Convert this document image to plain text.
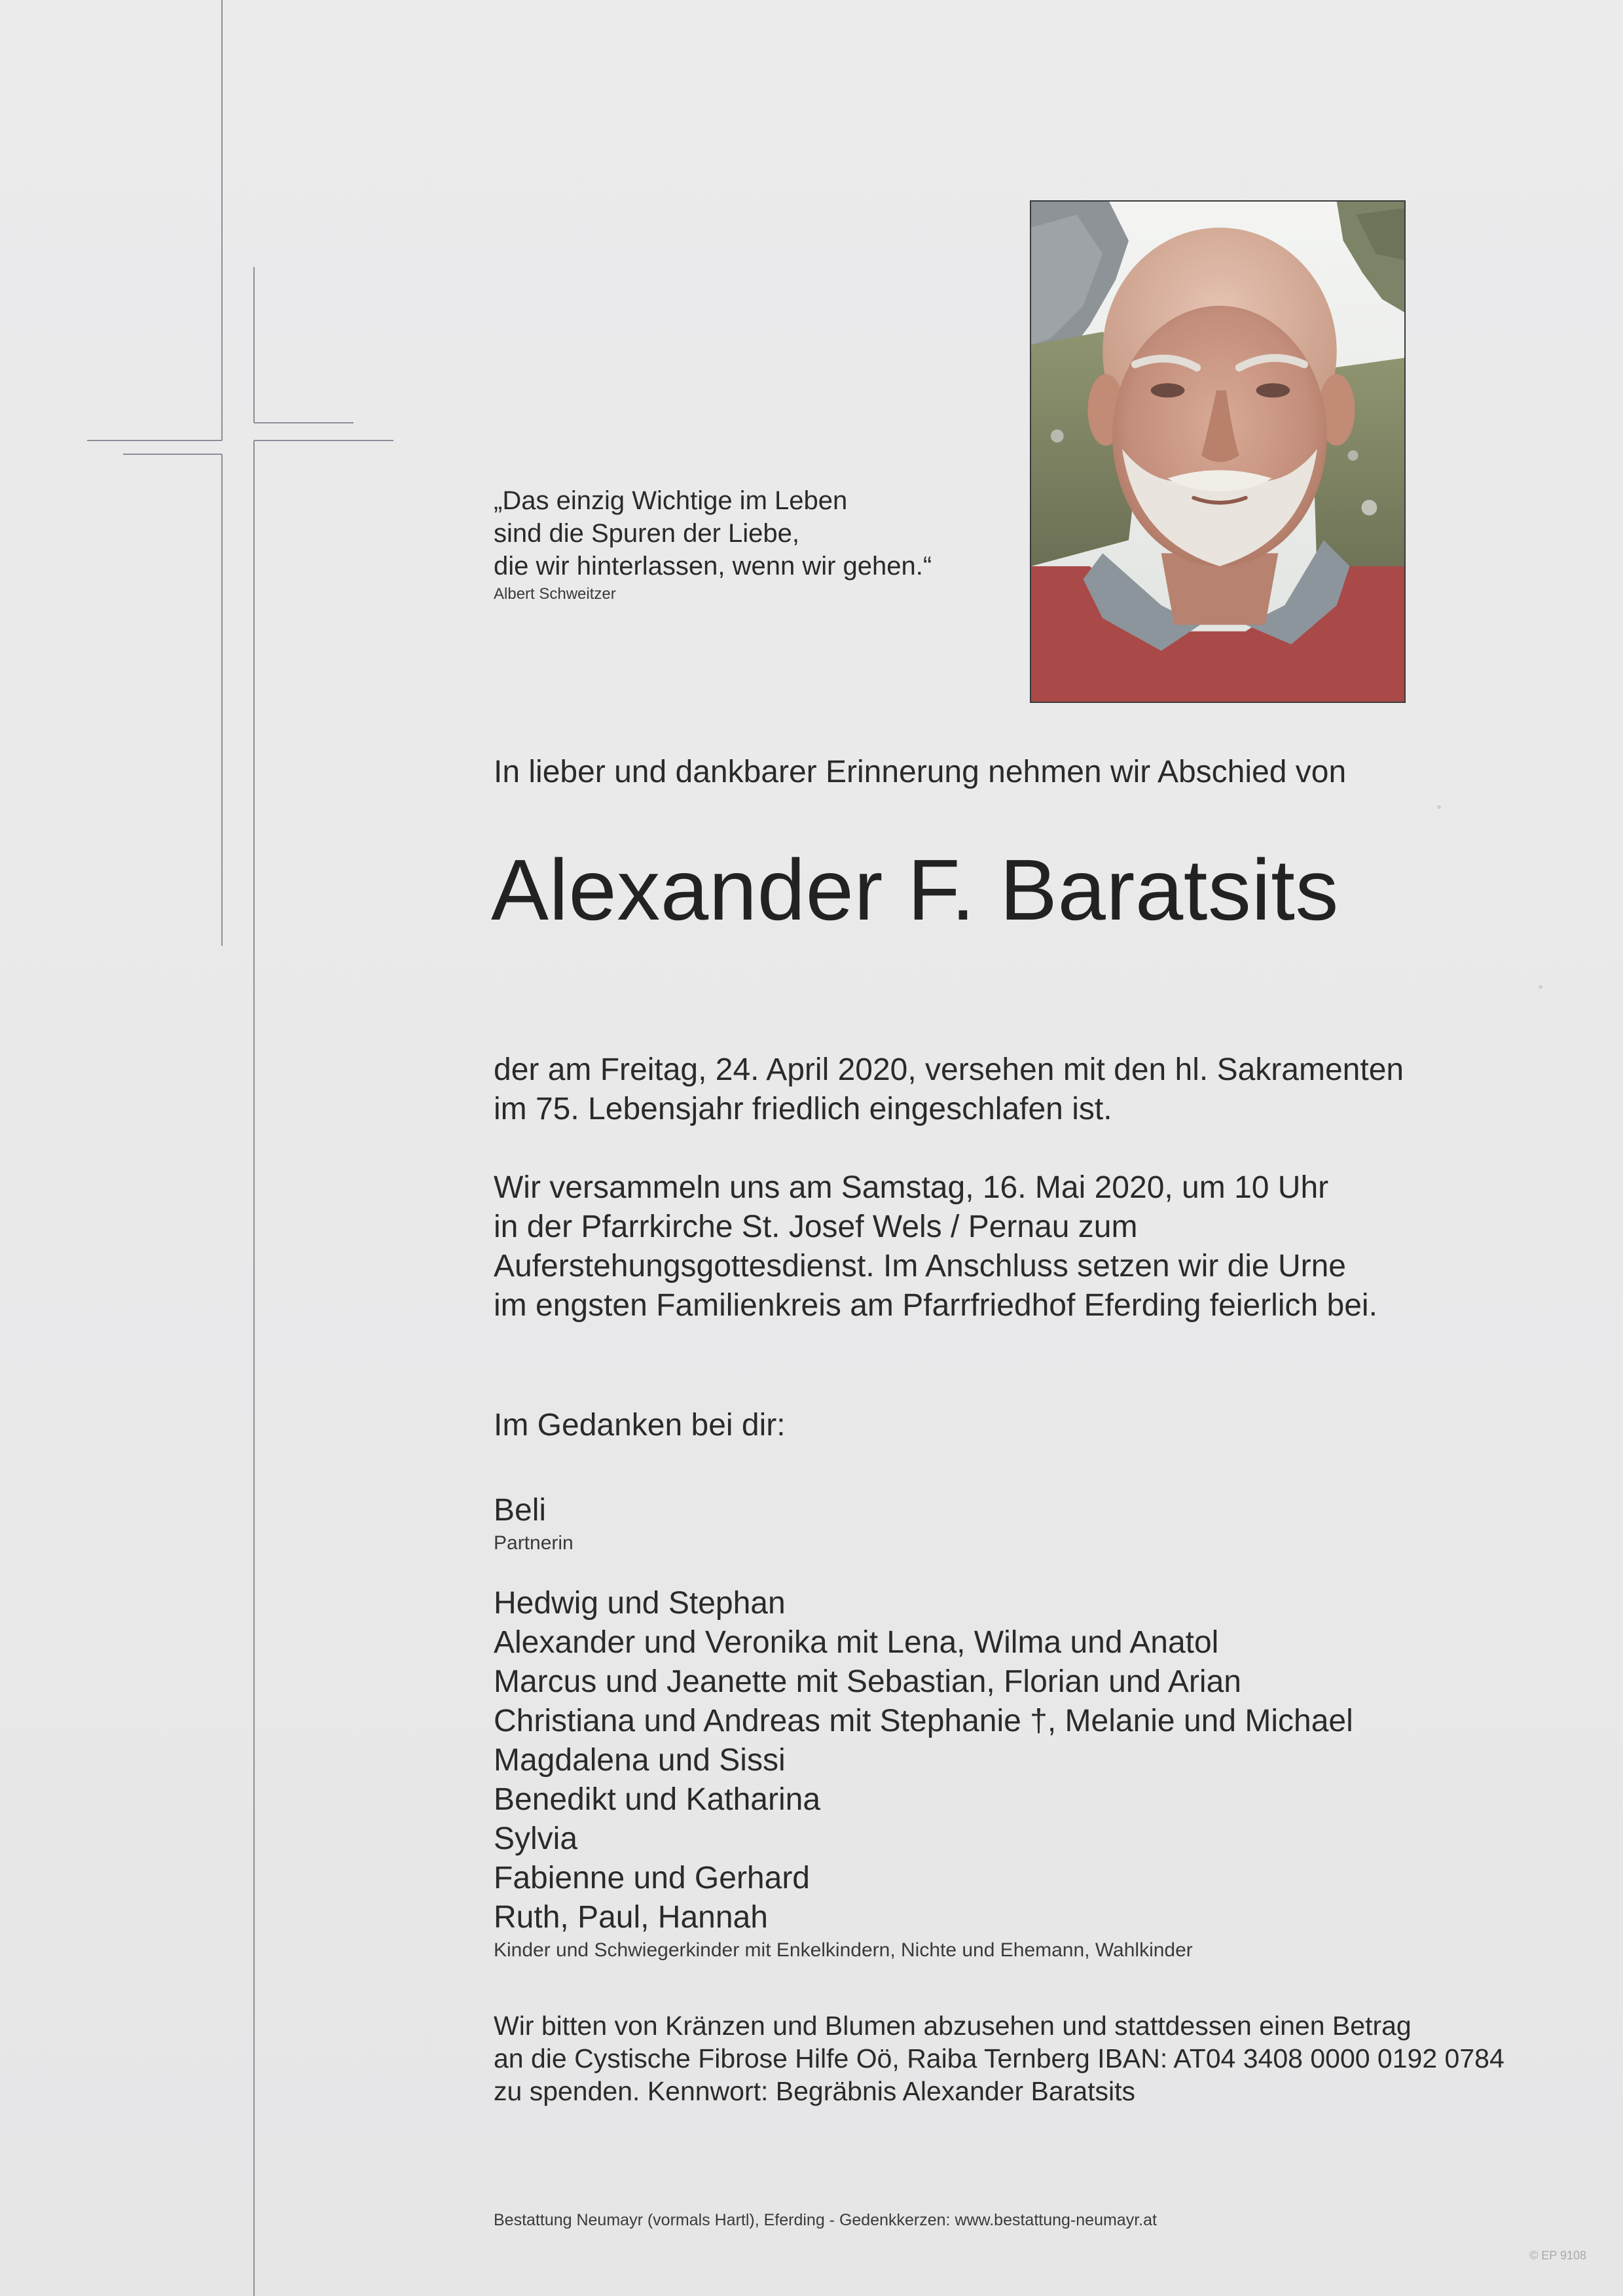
„Das einzig Wichtige im Leben
sind die Spuren der Liebe,
die wir hinterlassen, wenn wir gehen.“
Albert Schweitzer
In lieber und dankbarer Erinnerung nehmen wir Abschied von
Alexander F. Baratsits
der am Freitag, 24. April 2020, versehen mit den hl. Sakramenten
im 75. Lebensjahr friedlich eingeschlafen ist.
Wir versammeln uns am Samstag, 16. Mai 2020, um 10 Uhr
in der Pfarrkirche St. Josef Wels / Pernau zum
Auferstehungsgottesdienst. Im Anschluss setzen wir die Urne
im engsten Familienkreis am Pfarrfriedhof Eferding feierlich bei.
Im Gedanken bei dir:
Beli
Partnerin
Hedwig und Stephan
Alexander und Veronika mit Lena, Wilma und Anatol
Marcus und Jeanette mit Sebastian, Florian und Arian
Christiana und Andreas mit Stephanie †, Melanie und Michael
Magdalena und Sissi
Benedikt und Katharina
Sylvia
Fabienne und Gerhard
Ruth, Paul, Hannah
Kinder und Schwiegerkinder mit Enkelkindern, Nichte und Ehemann, Wahlkinder
Wir bitten von Kränzen und Blumen abzusehen und stattdessen einen Betrag
an die Cystische Fibrose Hilfe Oö, Raiba Ternberg IBAN: AT04 3408 0000 0192 0784
zu spenden. Kennwort: Begräbnis Alexander Baratsits
Bestattung Neumayr (vormals Hartl), Eferding - Gedenkkerzen: www.bestattung-neumayr.at
© EP 9108
